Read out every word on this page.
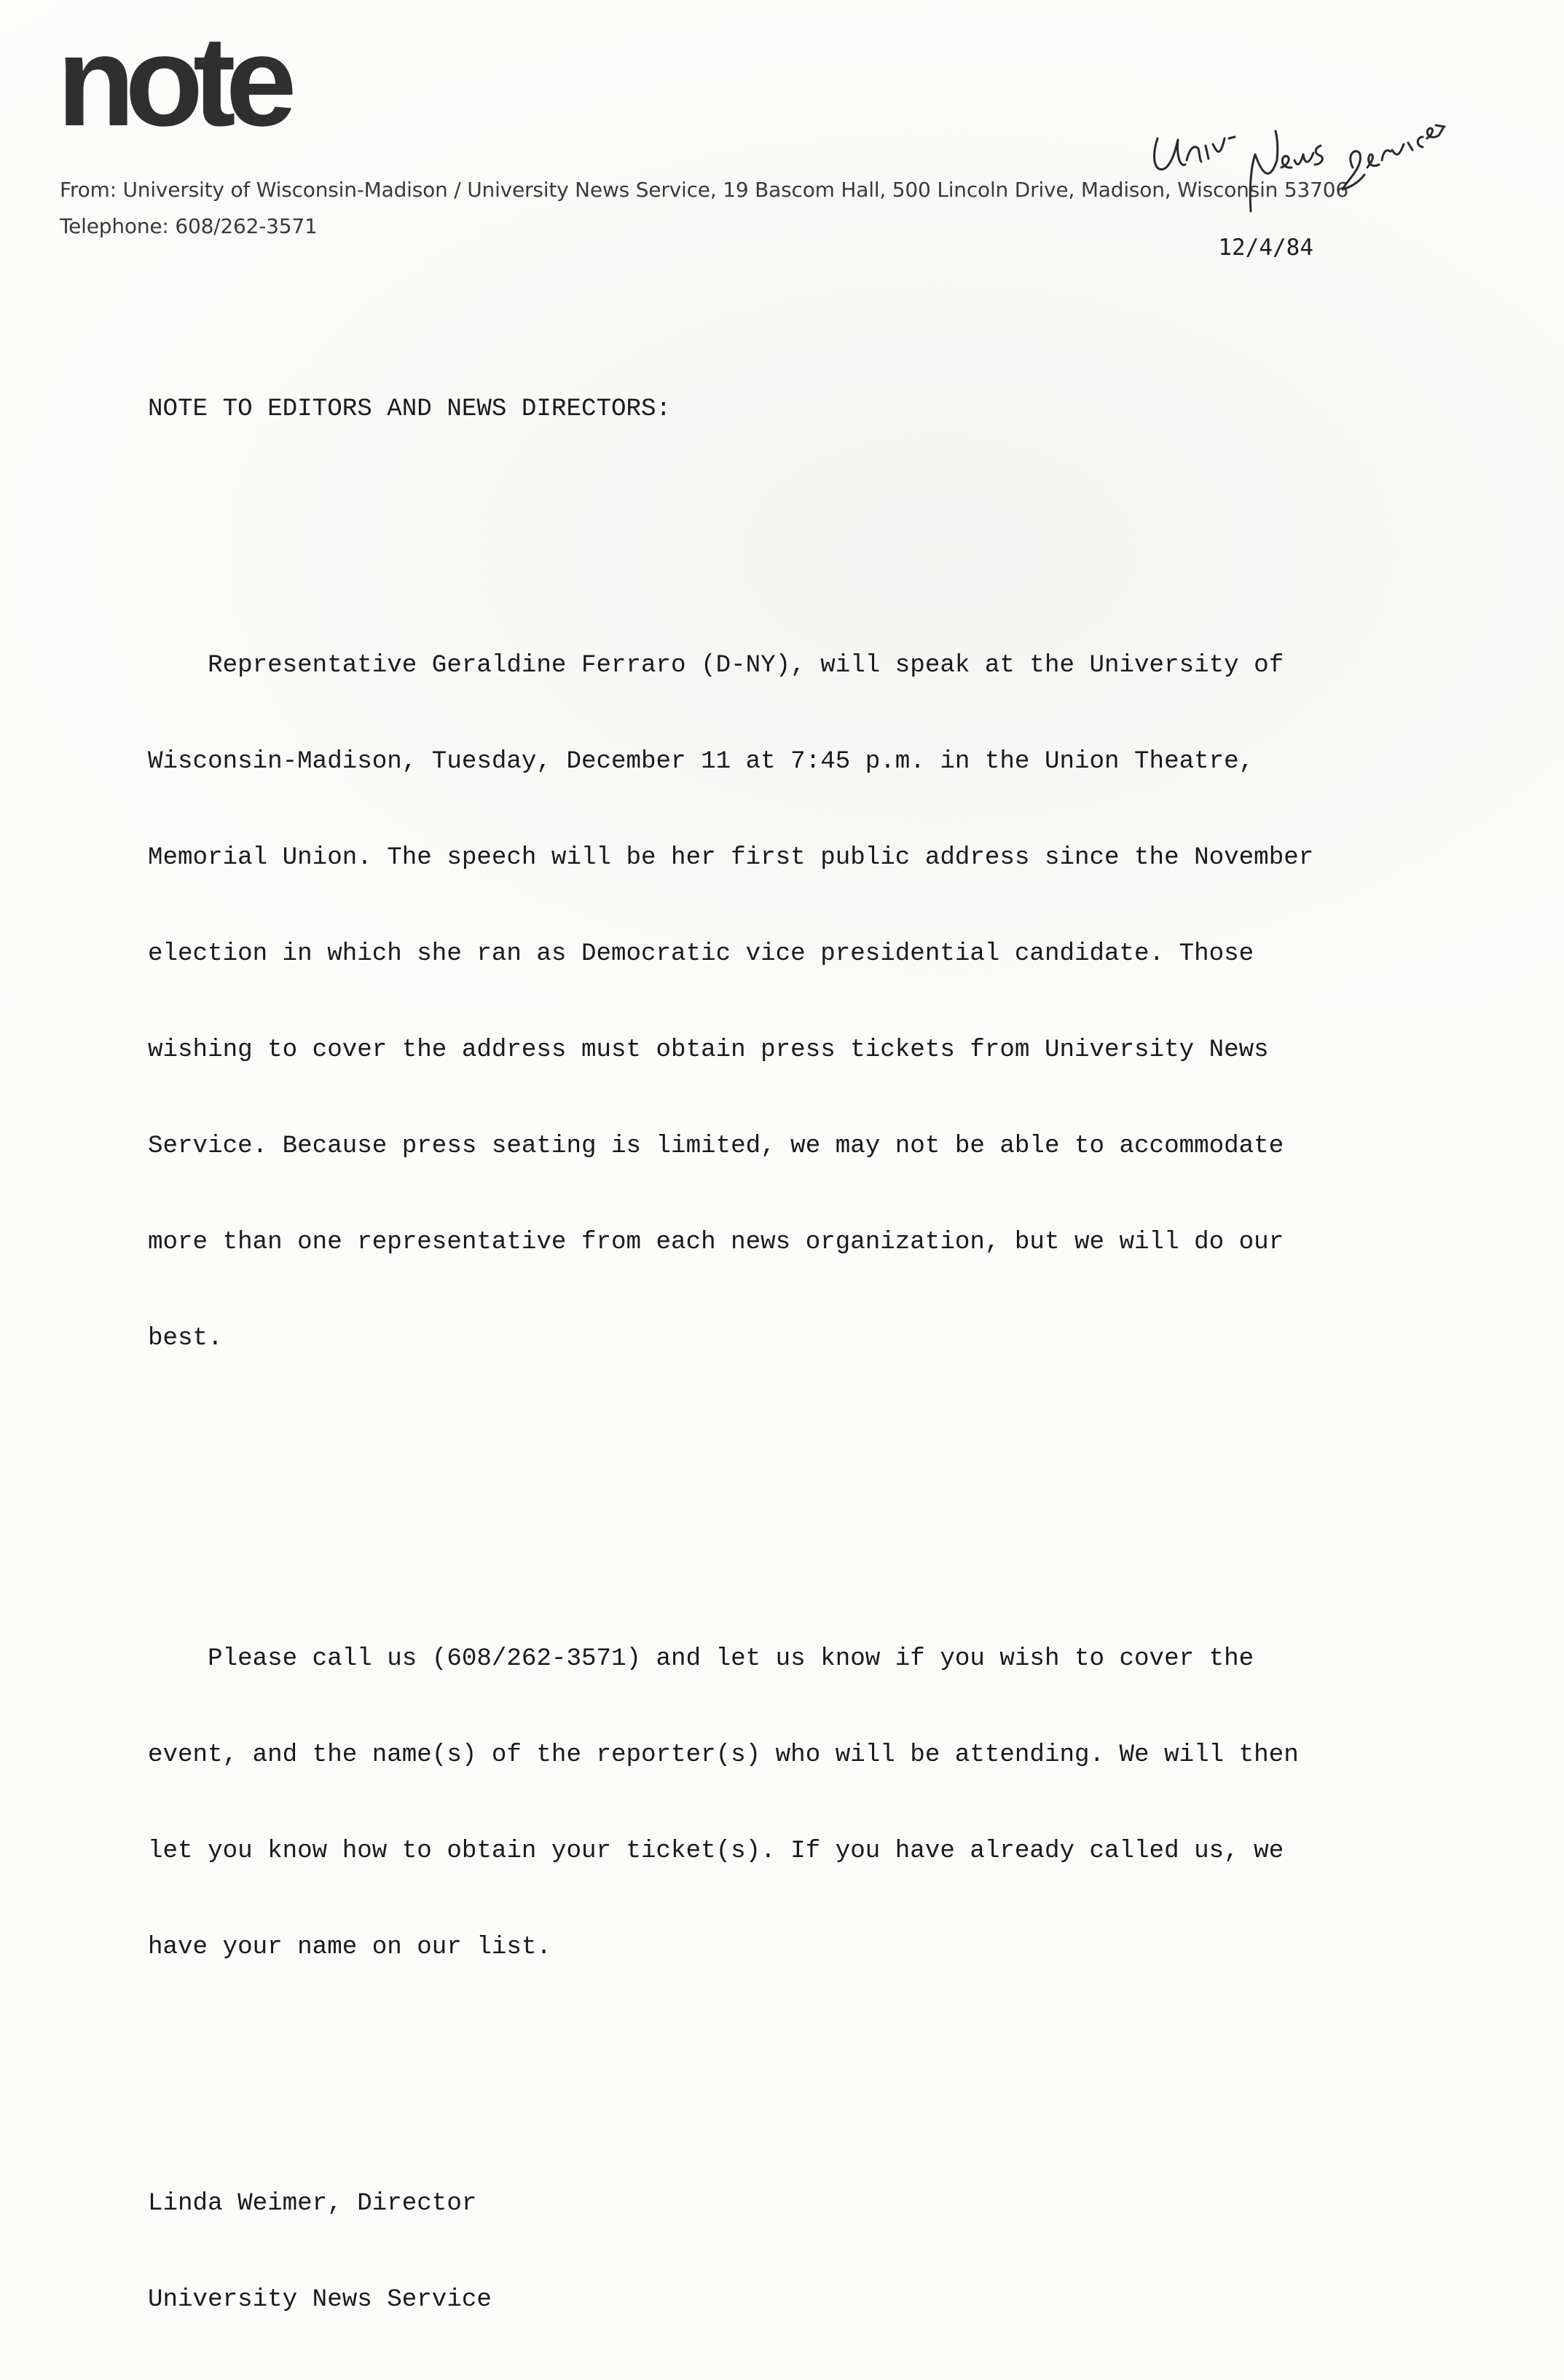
note
From: University of Wisconsin-Madison / University News Service, 19 Bascom Hall, 500 Lincoln Drive, Madison, Wisconsin 53706
Telephone: 608/262-3571
12/4/84

NOTE TO EDITORS AND NEWS DIRECTORS:

Representative Geraldine Ferraro (D-NY), will speak at the University of

Wisconsin-Madison, Tuesday, December 11 at 7:45 p.m. in the Union Theatre,

Memorial Union. The speech will be her first public address since the November

election in which she ran as Democratic vice presidential candidate. Those

wishing to cover the address must obtain press tickets from University News

Service. Because press seating is limited, we may not be able to accommodate

more than one representative from each news organization, but we will do our

best.

Please call us (608/262-3571) and let us know if you wish to cover the

event, and the name(s) of the reporter(s) who will be attending. We will then

let you know how to obtain your ticket(s). If you have already called us, we

have your name on our list.

Linda Weimer, Director

University News Service
